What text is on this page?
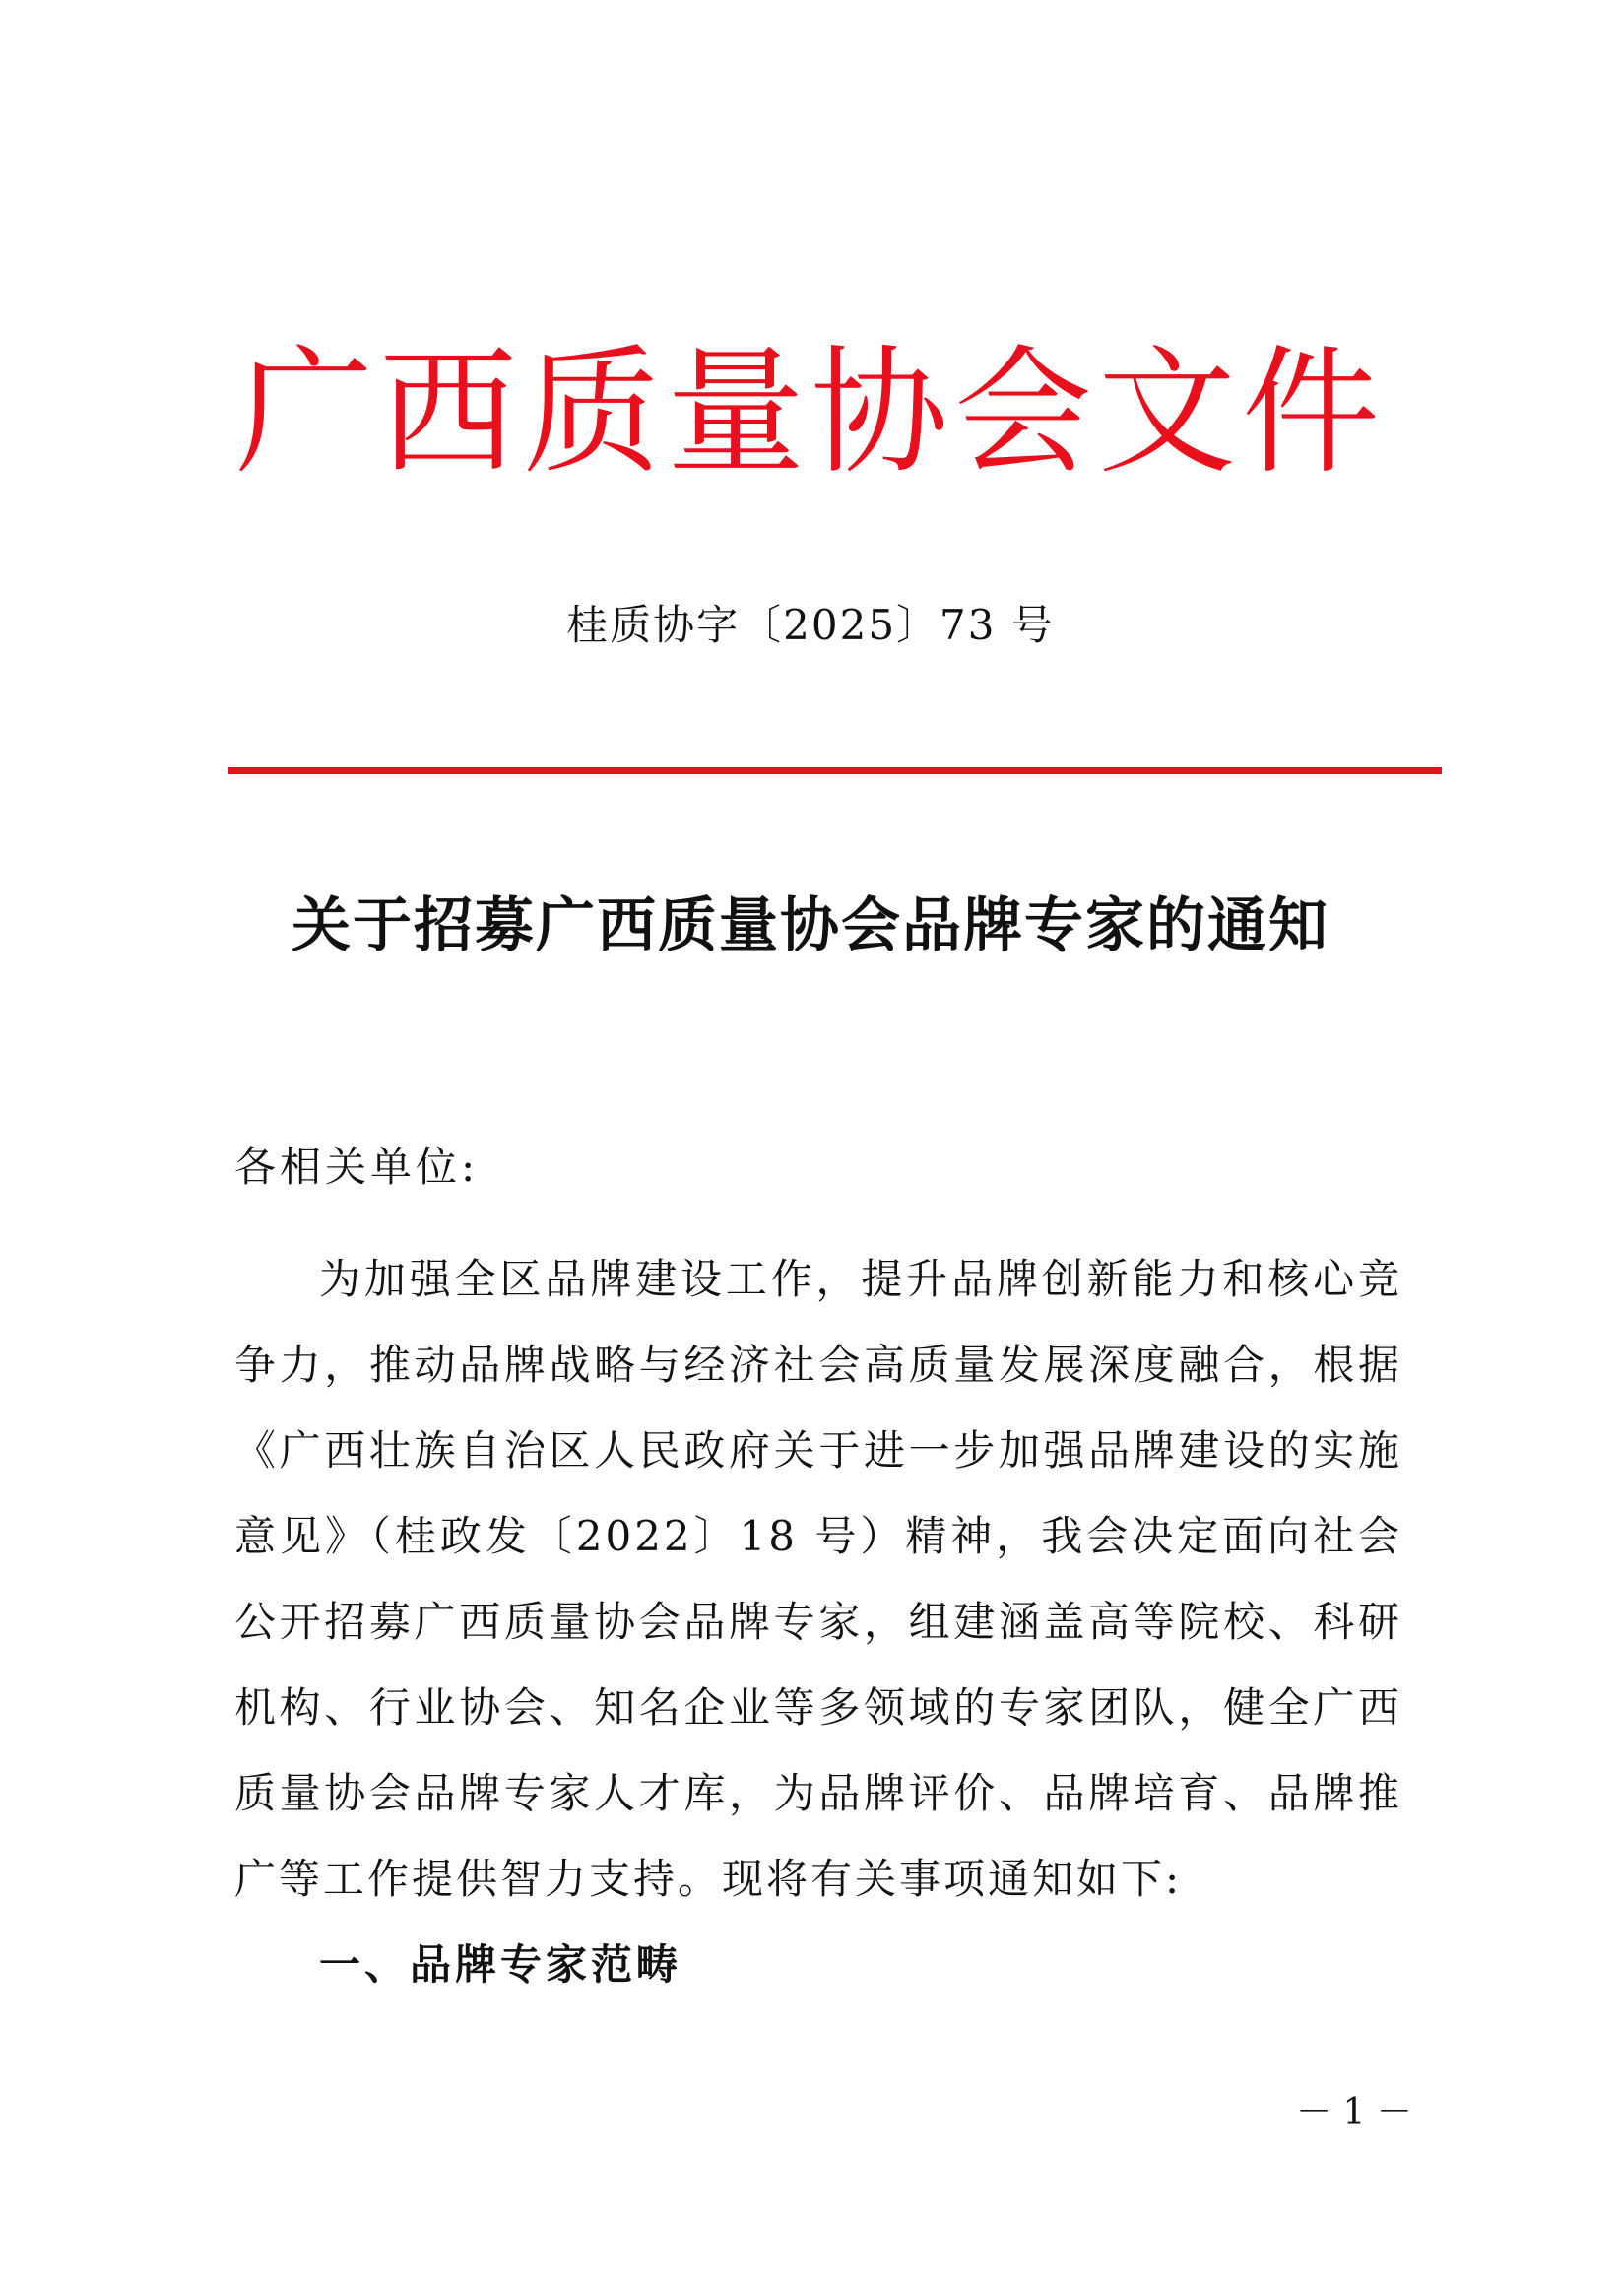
广西质量协会文件
桂质协字〔2025〕73 号
关于招募广西质量协会品牌专家的通知
各相关单位:

为加强全区品牌建设工作，提升品牌创新能力和核心竞争力，推动品牌战略与经济社会高质量发展深度融合，根据《广西壮族自治区人民政府关于进一步加强品牌建设的实施意见》（桂政发〔2022〕18 号）精神，我会决定面向社会公开招募广西质量协会品牌专家，组建涵盖高等院校、科研机构、行业协会、知名企业等多领域的专家团队，健全广西质量协会品牌专家人才库，为品牌评价、品牌培育、品牌推广等工作提供智力支持。现将有关事项通知如下:

一、品牌专家范畴
－ 1 －
